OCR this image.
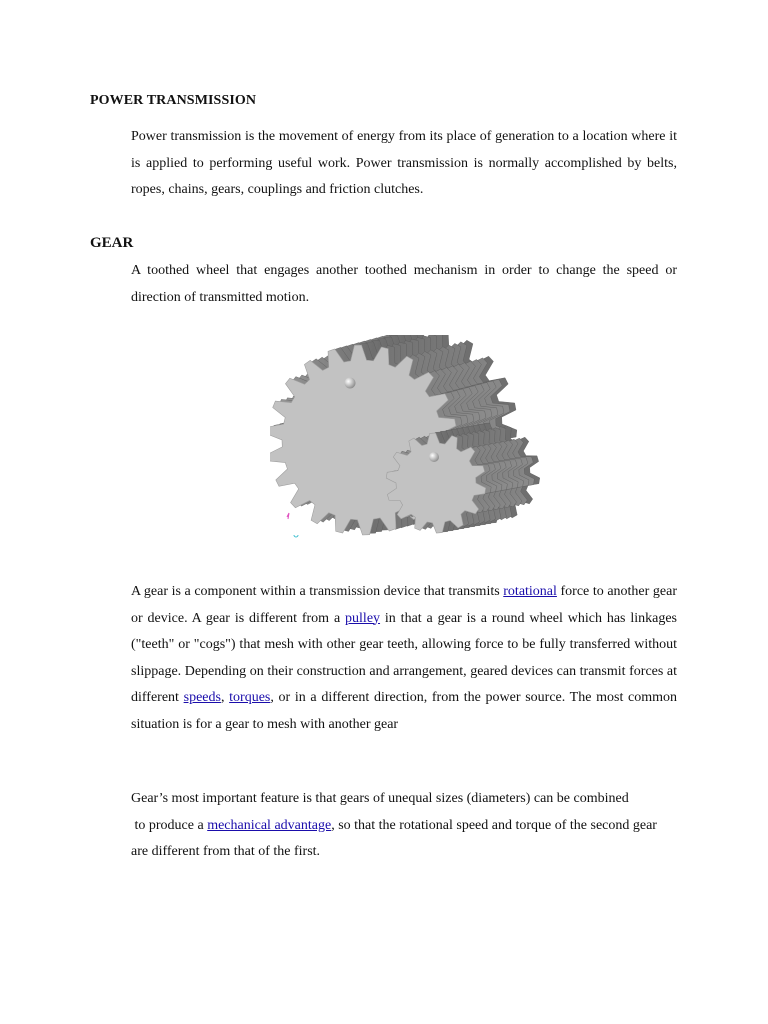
POWER TRANSMISSION

Power transmission is the movement of energy from its place of generation to a location where it is applied to performing useful work. Power transmission is normally accomplished by belts, ropes, chains, gears, couplings and friction clutches.

GEAR

A toothed wheel that engages another toothed mechanism in order to change the speed or direction of transmitted motion.

A gear is a component within a transmission device that transmits rotational force to another gear or device. A gear is different from a pulley in that a gear is a round wheel which has linkages ("teeth" or "cogs") that mesh with other gear teeth, allowing force to be fully transferred without slippage. Depending on their construction and arrangement, geared devices can transmit forces at different speeds, torques, or in a different direction, from the power source. The most common situation is for a gear to mesh with another gear

Gear’s most important feature is that gears of unequal sizes (diameters) can be combined
to produce a mechanical advantage, so that the rotational speed and torque of the second gear are different from that of the first.
